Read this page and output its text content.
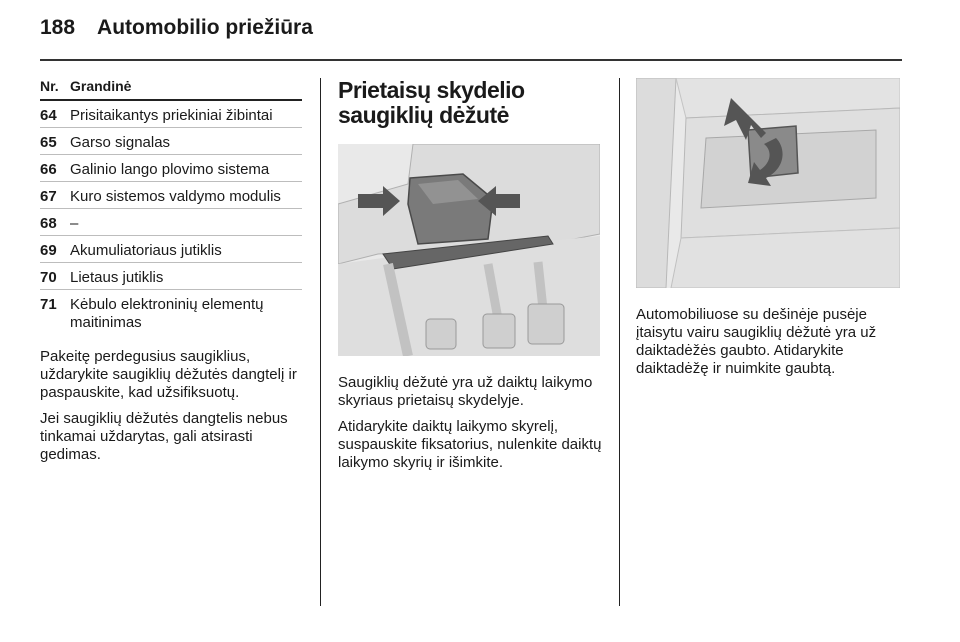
188 Automobilio priežiūra
Nr. Grandinė
64 Prisitaikantys priekiniai žibintai
65 Garso signalas
66 Galinio lango plovimo sistema
67 Kuro sistemos valdymo modulis
68 –
69 Akumuliatoriaus jutiklis
70 Lietaus jutiklis
71 Kėbulo elektroninių elementų maitinimas

Pakeitę perdegusius saugiklius, uždarykite saugiklių dėžutės dangtelį ir paspauskite, kad užsifiksuotų.

Jei saugiklių dėžutės dangtelis nebus tinkamai uždarytas, gali atsirasti gedimas.

Prietaisų skydelio saugiklių dėžutė

Saugiklių dėžutė yra už daiktų laikymo skyriaus prietaisų skydelyje.

Atidarykite daiktų laikymo skyrelį, suspauskite fiksatorius, nulenkite daiktų laikymo skyrių ir išimkite.

Automobiliuose su dešinėje pusėje įtaisytu vairu saugiklių dėžutė yra už daiktadėžės gaubto. Atidarykite daiktadėžę ir nuimkite gaubtą.
